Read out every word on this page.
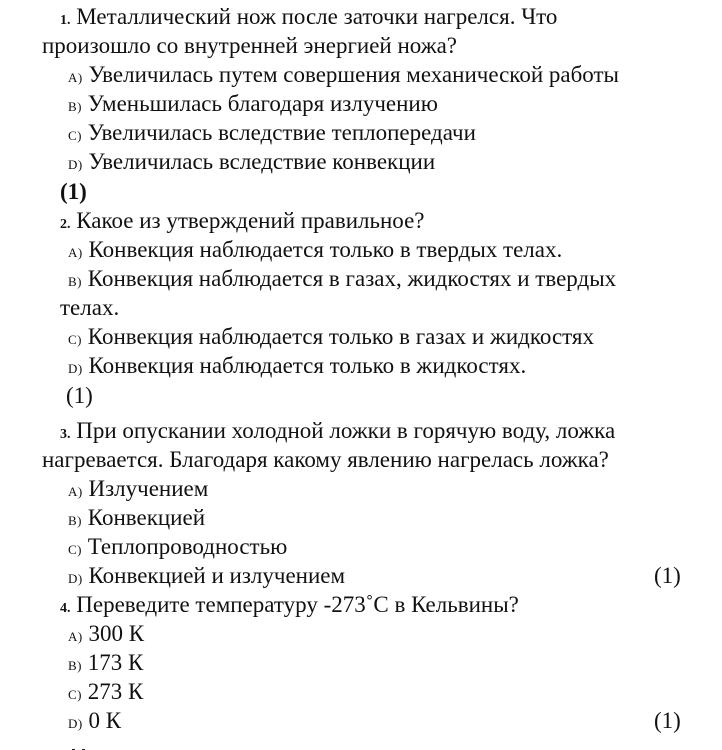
1. Металлический нож после заточки нагрелся. Что
произошло со внутренней энергией ножа?
A) Увеличилась путем совершения механической работы
B) Уменьшилась благодаря излучению
C) Увеличилась вследствие теплопередачи
D) Увеличилась вследствие конвекции
(1)
2. Какое из утверждений правильное?
A) Конвекция наблюдается только в твердых телах.
B) Конвекция наблюдается в газах, жидкостях и твердых
телах.
C) Конвекция наблюдается только в газах и жидкостях
D) Конвекция наблюдается только в жидкостях.
(1)
3. При опускании холодной ложки в горячую воду, ложка
нагревается. Благодаря какому явлению нагрелась ложка?
A) Излучением
B) Конвекцией
C) Теплопроводностью
D) Конвекцией и излучением	(1)
4. Переведите температуру -273˚С в Кельвины?
A) 300 К
B) 173 К
C) 273 К
D) 0 К	(1)
